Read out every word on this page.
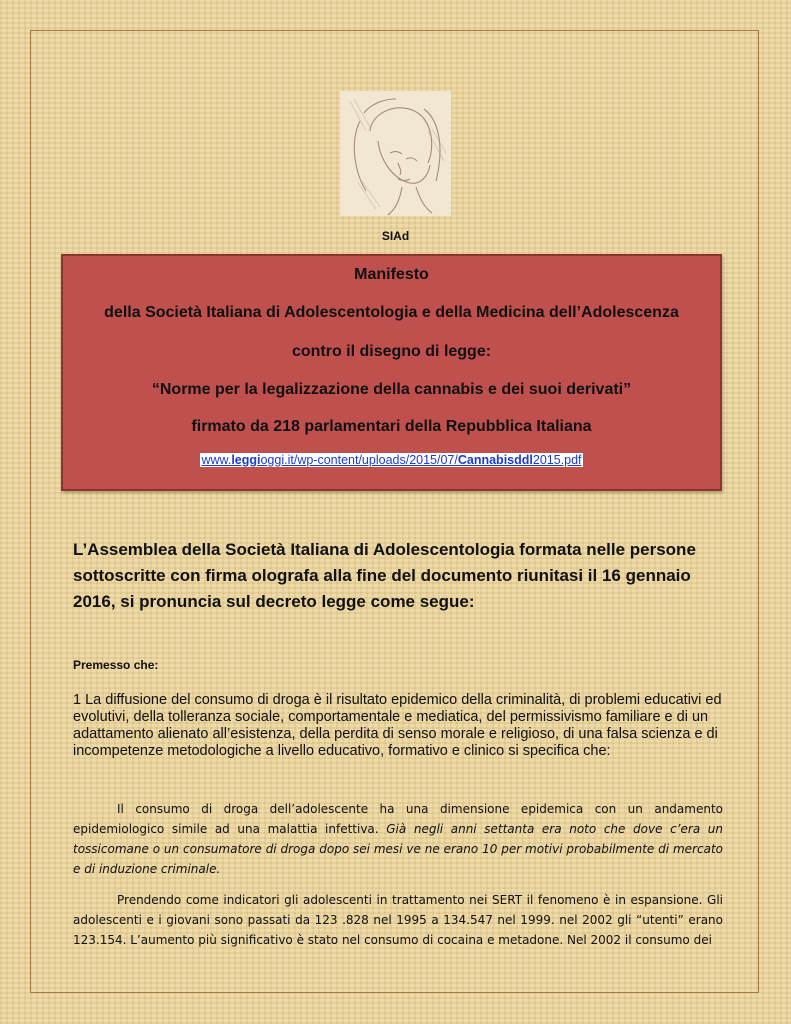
SIAd
Manifesto
della Società Italiana di Adolescentologia e della Medicina dell’Adolescenza
contro il disegno di legge:
“Norme per la legalizzazione della cannabis e dei suoi derivati”
firmato da 218 parlamentari della Repubblica Italiana
www.leggioggi.it/wp-content/uploads/2015/07/Cannabisddl2015.pdf
L’Assemblea della Società Italiana di Adolescentologia formata nelle persone sottoscritte con firma olografa alla fine del documento riunitasi il 16 gennaio 2016, si pronuncia sul decreto legge come segue:
Premesso che:
1 La diffusione del consumo di droga è il risultato epidemico della criminalità, di problemi educativi ed evolutivi, della tolleranza sociale, comportamentale e mediatica, del permissivismo familiare e di un adattamento alienato all’esistenza, della perdita di senso morale e religioso, di una falsa scienza e di incompetenze metodologiche a livello educativo, formativo e clinico si specifica che:
Il consumo di droga dell’adolescente ha una dimensione epidemica con un andamento epidemiologico simile ad una malattia infettiva. Già negli anni settanta era noto che dove c’era un tossicomane o un consumatore di droga dopo sei mesi ve ne erano 10 per motivi probabilmente di mercato e di induzione criminale.
Prendendo come indicatori gli adolescenti in trattamento nei SERT il fenomeno è in espansione. Gli adolescenti e i giovani sono passati da 123 .828 nel 1995 a 134.547 nel 1999. nel 2002 gli “utenti” erano 123.154. L’aumento più significativo è stato nel consumo di cocaina e metadone. Nel 2002 il consumo dei
